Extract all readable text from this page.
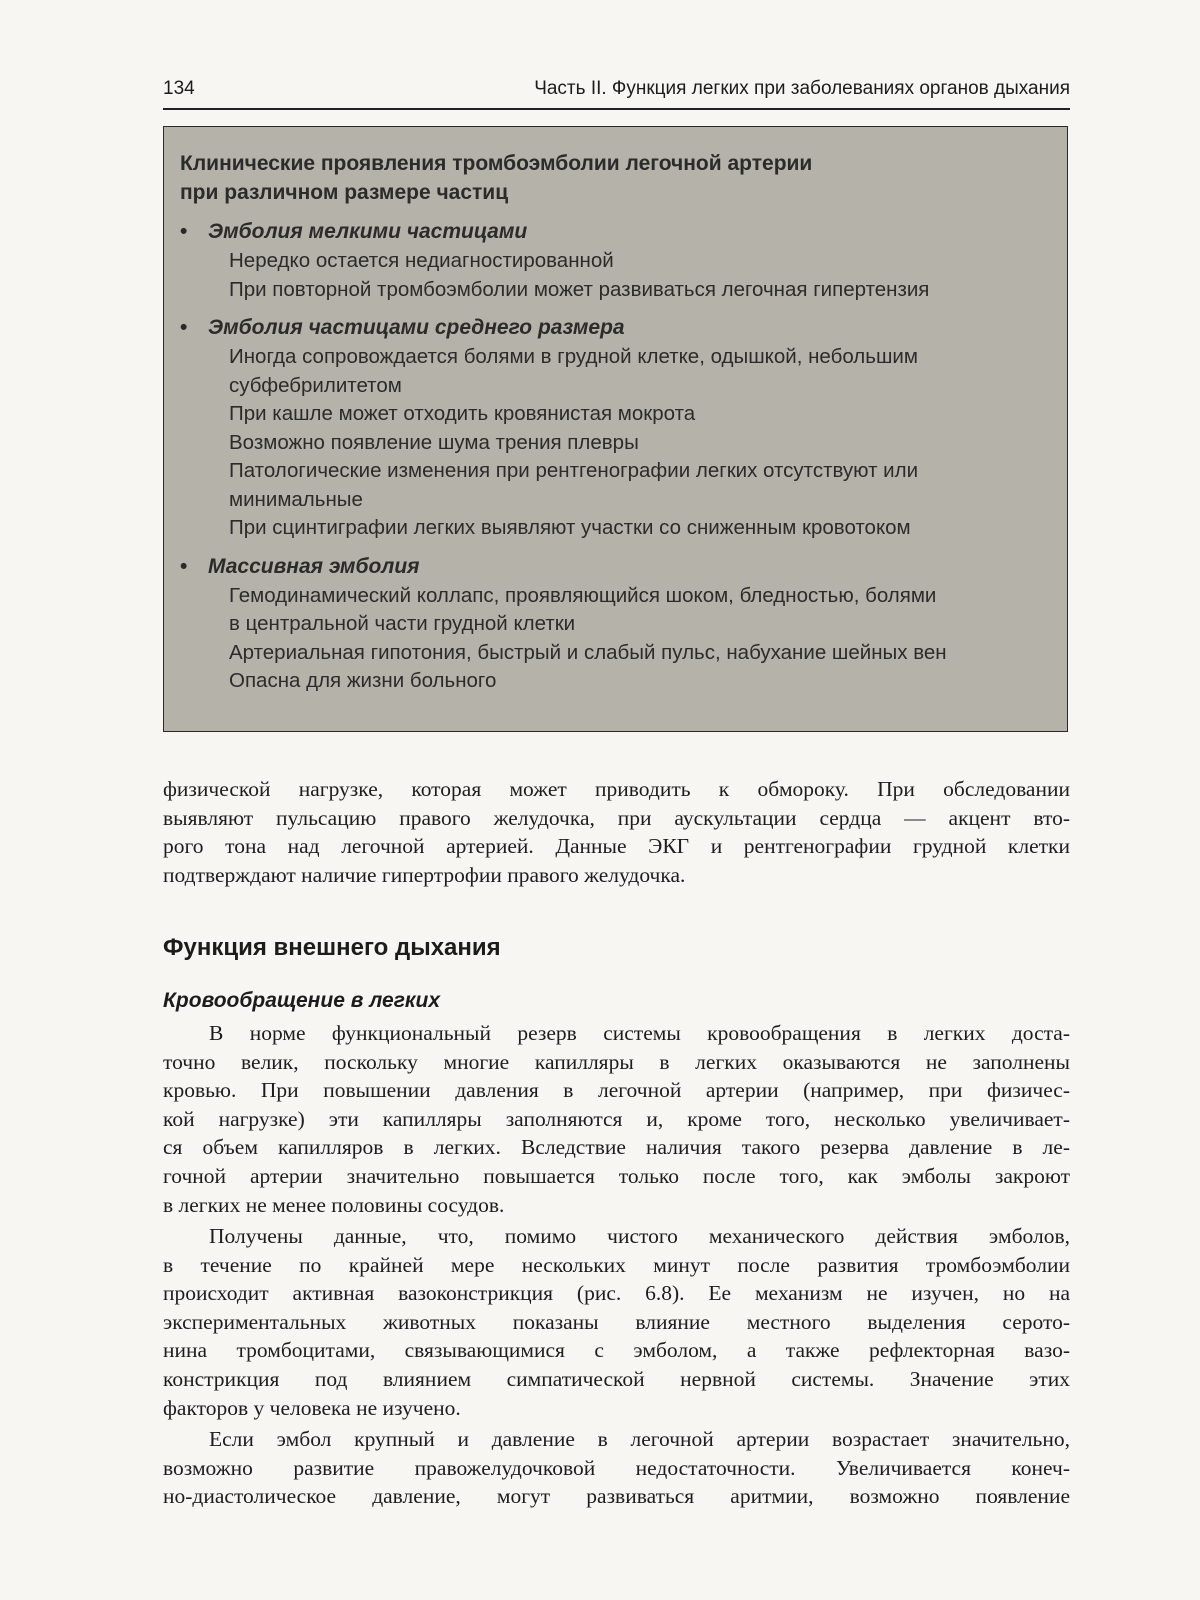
134	Часть II. Функция легких при заболеваниях органов дыхания
Клинические проявления тромбоэмболии легочной артерии
при различном размере частиц
• Эмболия мелкими частицами
Нередко остается недиагностированной
При повторной тромбоэмболии может развиваться легочная гипертензия
• Эмболия частицами среднего размера
Иногда сопровождается болями в грудной клетке, одышкой, небольшим
субфебрилитетом
При кашле может отходить кровянистая мокрота
Возможно появление шума трения плевры
Патологические изменения при рентгенографии легких отсутствуют или
минимальные
При сцинтиграфии легких выявляют участки со сниженным кровотоком
• Массивная эмболия
Гемодинамический коллапс, проявляющийся шоком, бледностью, болями
в центральной части грудной клетки
Артериальная гипотония, быстрый и слабый пульс, набухание шейных вен
Опасна для жизни больного
физической нагрузке, которая может приводить к обмороку. При обследовании
выявляют пульсацию правого желудочка, при аускультации сердца — акцент вто-
рого тона над легочной артерией. Данные ЭКГ и рентгенографии грудной клетки
подтверждают наличие гипертрофии правого желудочка.
Функция внешнего дыхания
Кровообращение в легких
В норме функциональный резерв системы кровообращения в легких доста-
точно велик, поскольку многие капилляры в легких оказываются не заполнены
кровью. При повышении давления в легочной артерии (например, при физичес-
кой нагрузке) эти капилляры заполняются и, кроме того, несколько увеличивает-
ся объем капилляров в легких. Вследствие наличия такого резерва давление в ле-
гочной артерии значительно повышается только после того, как эмболы закроют
в легких не менее половины сосудов.
Получены данные, что, помимо чистого механического действия эмболов,
в течение по крайней мере нескольких минут после развития тромбоэмболии
происходит активная вазоконстрикция (рис. 6.8). Ее механизм не изучен, но на
экспериментальных животных показаны влияние местного выделения серото-
нина тромбоцитами, связывающимися с эмболом, а также рефлекторная вазо-
констрикция под влиянием симпатической нервной системы. Значение этих
факторов у человека не изучено.
Если эмбол крупный и давление в легочной артерии возрастает значительно,
возможно развитие правожелудочковой недостаточности. Увеличивается конеч-
но-диастолическое давление, могут развиваться аритмии, возможно появление
